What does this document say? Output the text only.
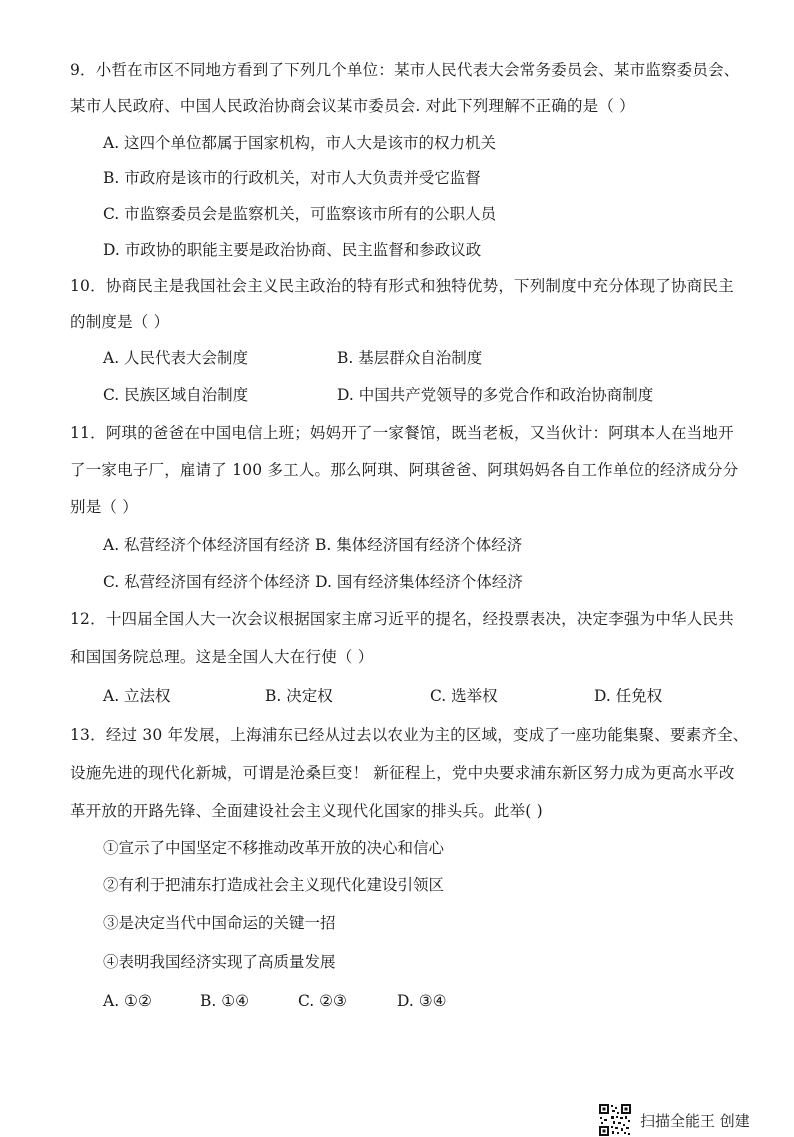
9．小哲在市区不同地方看到了下列几个单位：某市人民代表大会常务委员会、某市监察委员会、
某市人民政府、中国人民政治协商会议某市委员会. 对此下列理解不正确的是（ ）
A. 这四个单位都属于国家机构，市人大是该市的权力机关
B. 市政府是该市的行政机关，对市人大负责并受它监督
C. 市监察委员会是监察机关，可监察该市所有的公职人员
D. 市政协的职能主要是政治协商、民主监督和参政议政
10．协商民主是我国社会主义民主政治的特有形式和独特优势，下列制度中充分体现了协商民主
的制度是（ ）
A. 人民代表大会制度	B. 基层群众自治制度
C. 民族区域自治制度	D. 中国共产党领导的多党合作和政治协商制度
11．阿琪的爸爸在中国电信上班；妈妈开了一家餐馆，既当老板，又当伙计：阿琪本人在当地开
了一家电子厂，雇请了 100 多工人。那么阿琪、阿琪爸爸、阿琪妈妈各自工作单位的经济成分分
别是（ ）
A. 私营经济个体经济国有经济 B. 集体经济国有经济个体经济
C. 私营经济国有经济个体经济 D. 国有经济集体经济个体经济
12．十四届全国人大一次会议根据国家主席习近平的提名，经投票表决，决定李强为中华人民共
和国国务院总理。这是全国人大在行使（ ）
A. 立法权	B. 决定权	C. 选举权	D. 任免权
13．经过 30 年发展，上海浦东已经从过去以农业为主的区域，变成了一座功能集聚、要素齐全、
设施先进的现代化新城，可谓是沧桑巨变！ 新征程上，党中央要求浦东新区努力成为更高水平改
革开放的开路先锋、全面建设社会主义现代化国家的排头兵。此举( )
①宣示了中国坚定不移推动改革开放的决心和信心
②有利于把浦东打造成社会主义现代化建设引领区
③是决定当代中国命运的关键一招
④表明我国经济实现了高质量发展
A. ①②	B. ①④	C. ②③	D. ③④
扫描全能王 创建
